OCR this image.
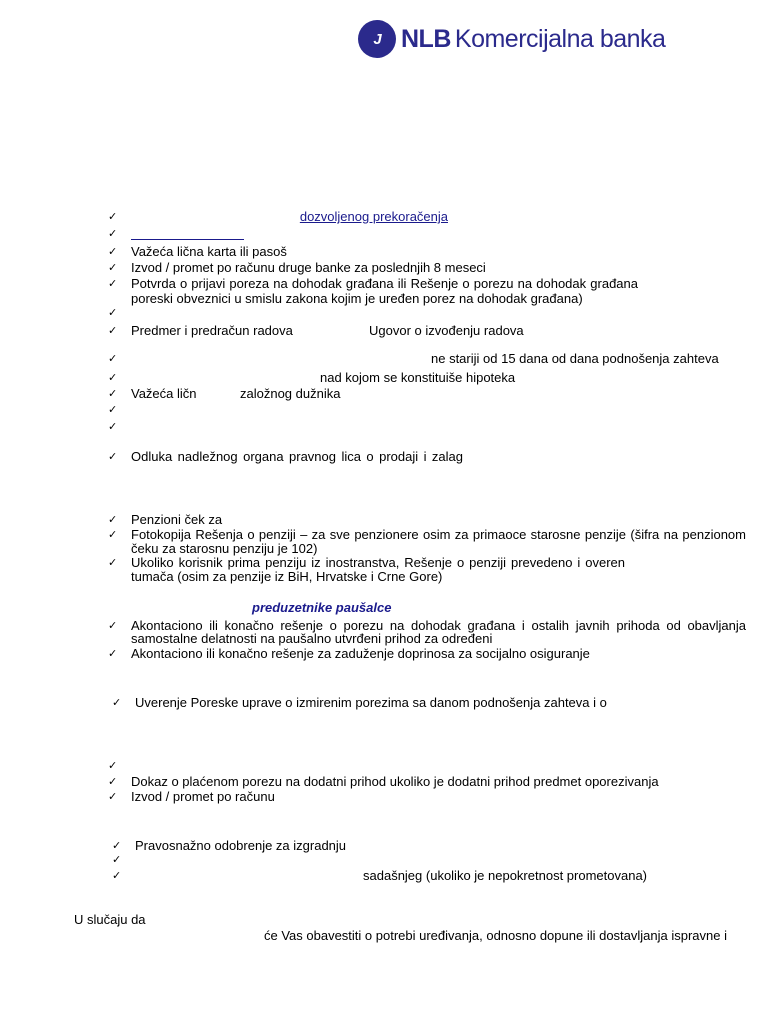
J NLB Komercijalna banka
✓	dozvoljenog prekoračenja
✓
✓ Važeća lična karta ili pasoš
✓ Izvod / promet po računu druge banke za poslednjih 8 meseci
✓ Potvrda o prijavi poreza na dohodak građana ili Rešenje o porezu na dohodak građana
poreski obveznici u smislu zakona kojim je uređen porez na dohodak građana)
✓
✓ Predmer i predračun radova	Ugovor o izvođenju radova
✓	ne stariji od 15 dana od dana podnošenja zahteva
✓	nad kojom se konstituiše hipoteka
✓ Važeća ličn	založnog dužnika
✓
✓
✓ Odluka nadležnog organa pravnog lica o prodaji i zalag
✓ Penzioni ček za
✓ Fotokopija Rešenja o penziji – za sve penzionere osim za primaoce starosne penzije (šifra na penzionom
čeku za starosnu penziju je 102)
✓ Ukoliko korisnik prima penziju iz inostranstva, Rešenje o penziji prevedeno i overen
tumača (osim za penzije iz BiH, Hrvatske i Crne Gore)
preduzetnike paušalce
✓ Akontaciono ili konačno rešenje o porezu na dohodak građana i ostalih javnih prihoda od obavljanja
samostalne delatnosti na paušalno utvrđeni prihod za određeni
✓ Akontaciono ili konačno rešenje za zaduženje doprinosa za socijalno osiguranje
✓ Uverenje Poreske uprave o izmirenim porezima sa danom podnošenja zahteva i o
✓
✓ Dokaz o plaćenom porezu na dodatni prihod ukoliko je dodatni prihod predmet oporezivanja
✓ Izvod / promet po računu
✓ Pravosnažno odobrenje za izgradnju
✓
✓	sadašnjeg (ukoliko je nepokretnost prometovana)
U slučaju da
će Vas obavestiti o potrebi uređivanja, odnosno dopune ili dostavljanja ispravne i
